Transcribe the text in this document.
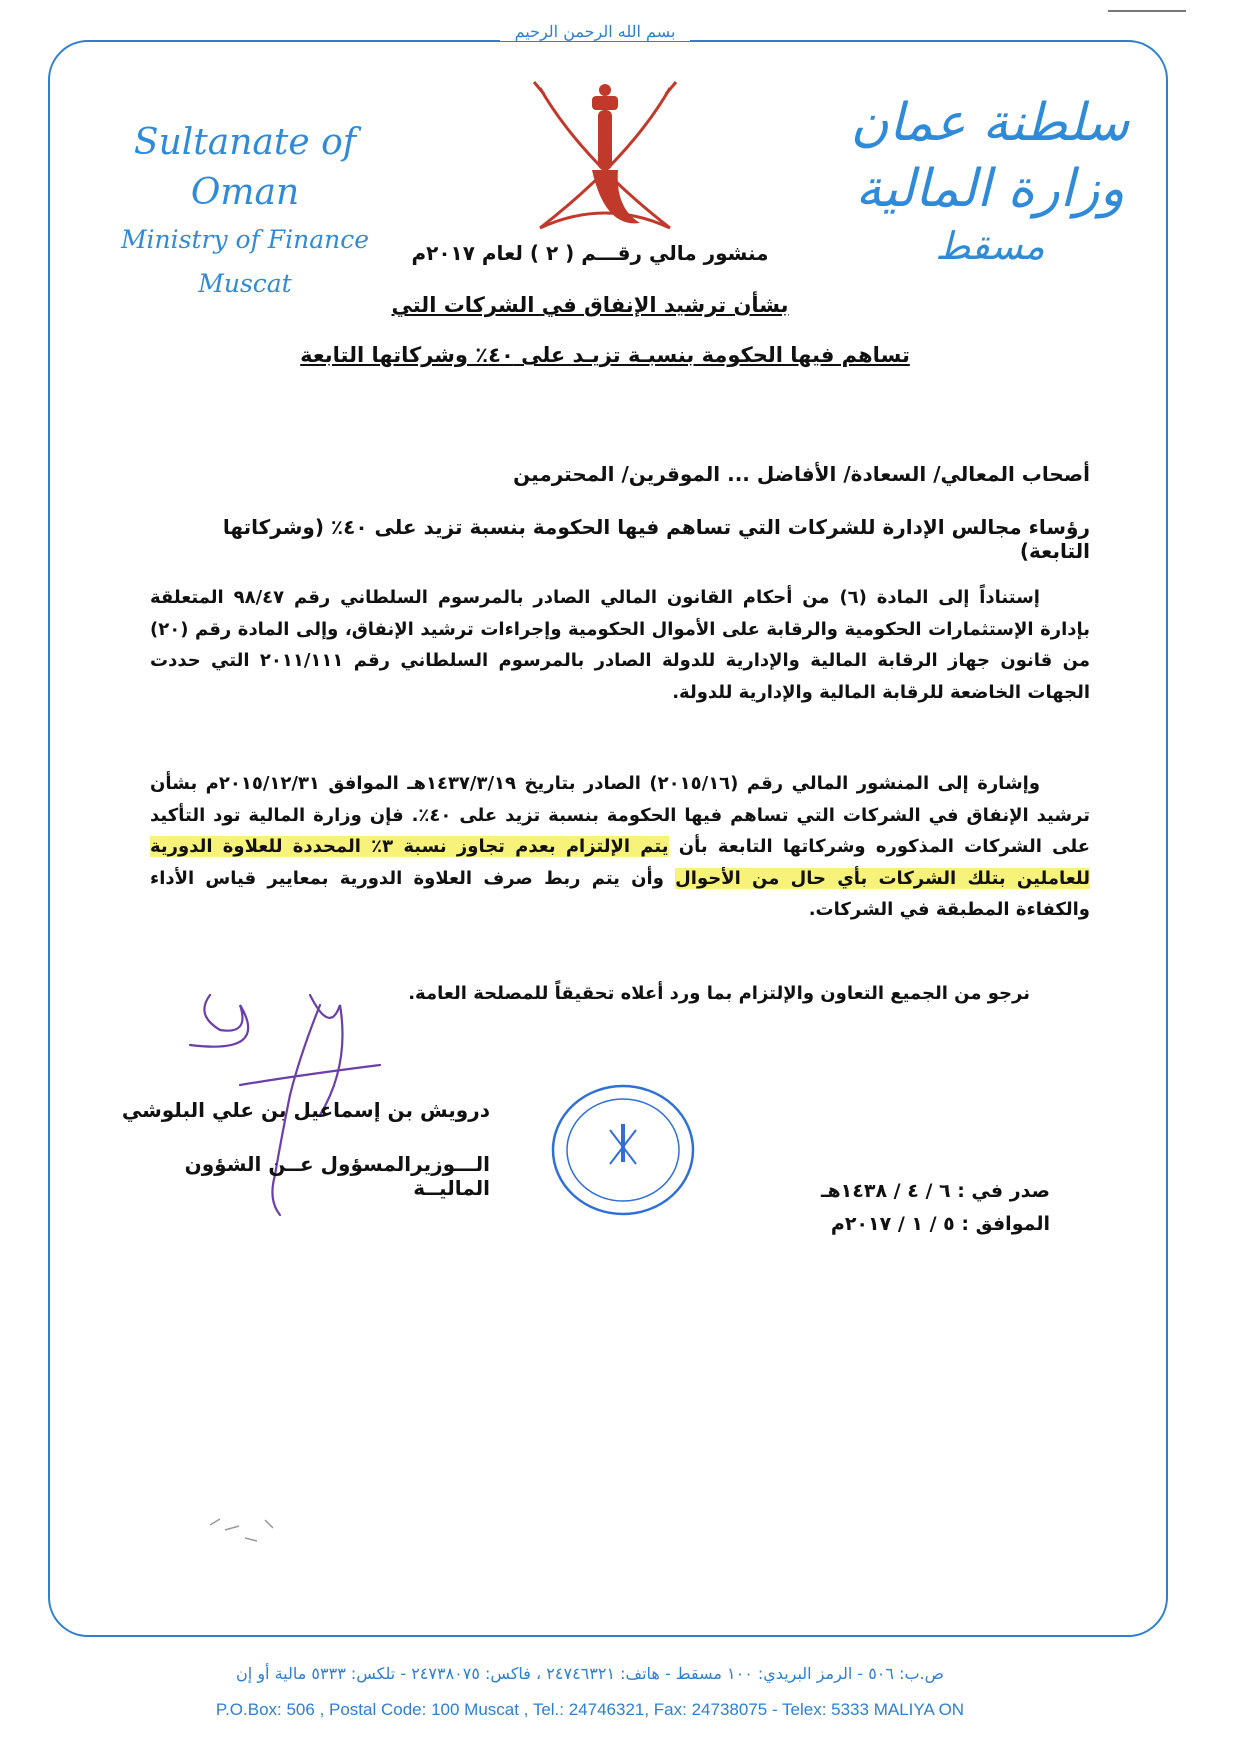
بسم الله الرحمن الرحيم
Sultanate of Oman
Ministry of Finance
Muscat
سلطنة عمان
وزارة المالية
مسقط
منشور مالي رقـــم ( ٢ ) لعام ٢٠١٧م
بشأن ترشيد الإنفاق في الشركات التي
تساهم فيها الحكومة بنسبـة تزيـد على ٤٠٪ وشركاتها التابعة
أصحاب المعالي/ السعادة/ الأفاضل ... الموقرين/ المحترمين
رؤساء مجالس الإدارة للشركات التي تساهم فيها الحكومة بنسبة تزيد على ٤٠٪ (وشركاتها التابعة)
إستناداً إلى المادة (٦) من أحكام القانون المالي الصادر بالمرسوم السلطاني رقم ٩٨/٤٧ المتعلقة بإدارة الإستثمارات الحكومية والرقابة على الأموال الحكومية وإجراءات ترشيد الإنفاق، وإلى المادة رقم (٢٠) من قانون جهاز الرقابة المالية والإدارية للدولة الصادر بالمرسوم السلطاني رقم ٢٠١١/١١١ التي حددت الجهات الخاضعة للرقابة المالية والإدارية للدولة.
وإشارة إلى المنشور المالي رقم (٢٠١٥/١٦) الصادر بتاريخ ١٤٣٧/٣/١٩هـ الموافق ٢٠١٥/١٢/٣١م بشأن ترشيد الإنفاق في الشركات التي تساهم فيها الحكومة بنسبة تزيد على ٤٠٪. فإن وزارة المالية تود التأكيد على الشركات المذكوره وشركاتها التابعة بأن يتم الإلتزام بعدم تجاوز نسبة ٣٪ المحددة للعلاوة الدورية للعاملين بتلك الشركات بأي حال من الأحوال وأن يتم ربط صرف العلاوة الدورية بمعايير قياس الأداء والكفاءة المطبقة في الشركات.
نرجو من الجميع التعاون والإلتزام بما ورد أعلاه تحقيقاً للمصلحة العامة.
درويش بن إسماعيل بن علي البلوشي
الـــوزيرالمسؤول عــن الشؤون الماليــة	صدر في : ٦ / ٤ / ١٤٣٨هـ
الموافق : ٥ / ١ / ٢٠١٧م
ص.ب: ٥٠٦ - الرمز البريدي: ١٠٠ مسقط - هاتف: ٢٤٧٤٦٣٢١ ، فاكس: ٢٤٧٣٨٠٧٥ - تلكس: ٥٣٣٣ مالية أو إن
P.O.Box: 506 , Postal Code: 100 Muscat , Tel.: 24746321, Fax: 24738075 - Telex: 5333 MALIYA ON
